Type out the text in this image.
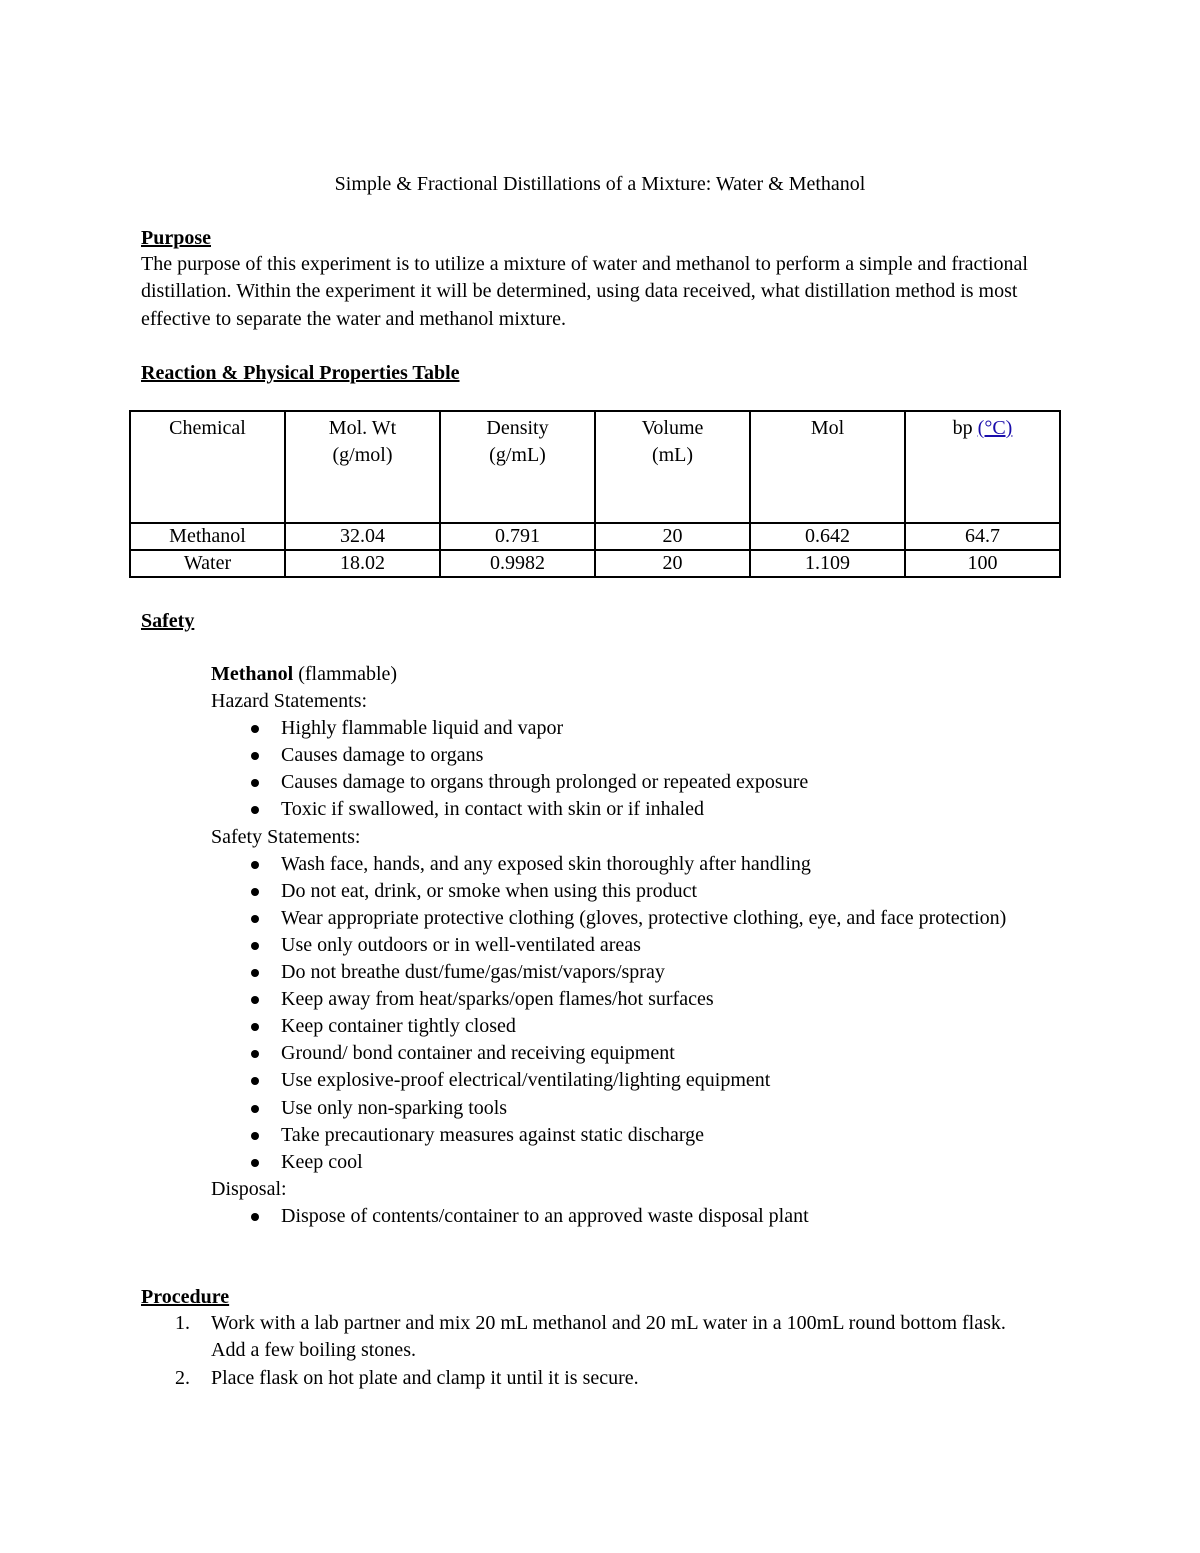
Simple & Fractional Distillations of a Mixture: Water & Methanol
Purpose
The purpose of this experiment is to utilize a mixture of water and methanol to perform a simple and fractional distillation. Within the experiment it will be determined, using data received, what distillation method is most effective to separate the water and methanol mixture.
Reaction & Physical Properties Table
Chemical	Mol. Wt (g/mol)	Density (g/mL)	Volume (mL)	Mol	bp (°C)
Methanol	32.04	0.791	20	0.642	64.7
Water	18.02	0.9982	20	1.109	100
Safety

Methanol (flammable)

Hazard Statements:

Highly flammable liquid and vapor
Causes damage to organs
Causes damage to organs through prolonged or repeated exposure
Toxic if swallowed, in contact with skin or if inhaled

Safety Statements:

Wash face, hands, and any exposed skin thoroughly after handling
Do not eat, drink, or smoke when using this product
Wear appropriate protective clothing (gloves, protective clothing, eye, and face protection)
Use only outdoors or in well-ventilated areas
Do not breathe dust/fume/gas/mist/vapors/spray
Keep away from heat/sparks/open flames/hot surfaces
Keep container tightly closed
Ground/ bond container and receiving equipment
Use explosive-proof electrical/ventilating/lighting equipment
Use only non-sparking tools
Take precautionary measures against static discharge
Keep cool

Disposal:

Dispose of contents/container to an approved waste disposal plant
Procedure
1. Work with a lab partner and mix 20 mL methanol and 20 mL water in a 100mL round bottom flask. Add a few boiling stones.
2. Place flask on hot plate and clamp it until it is secure.
